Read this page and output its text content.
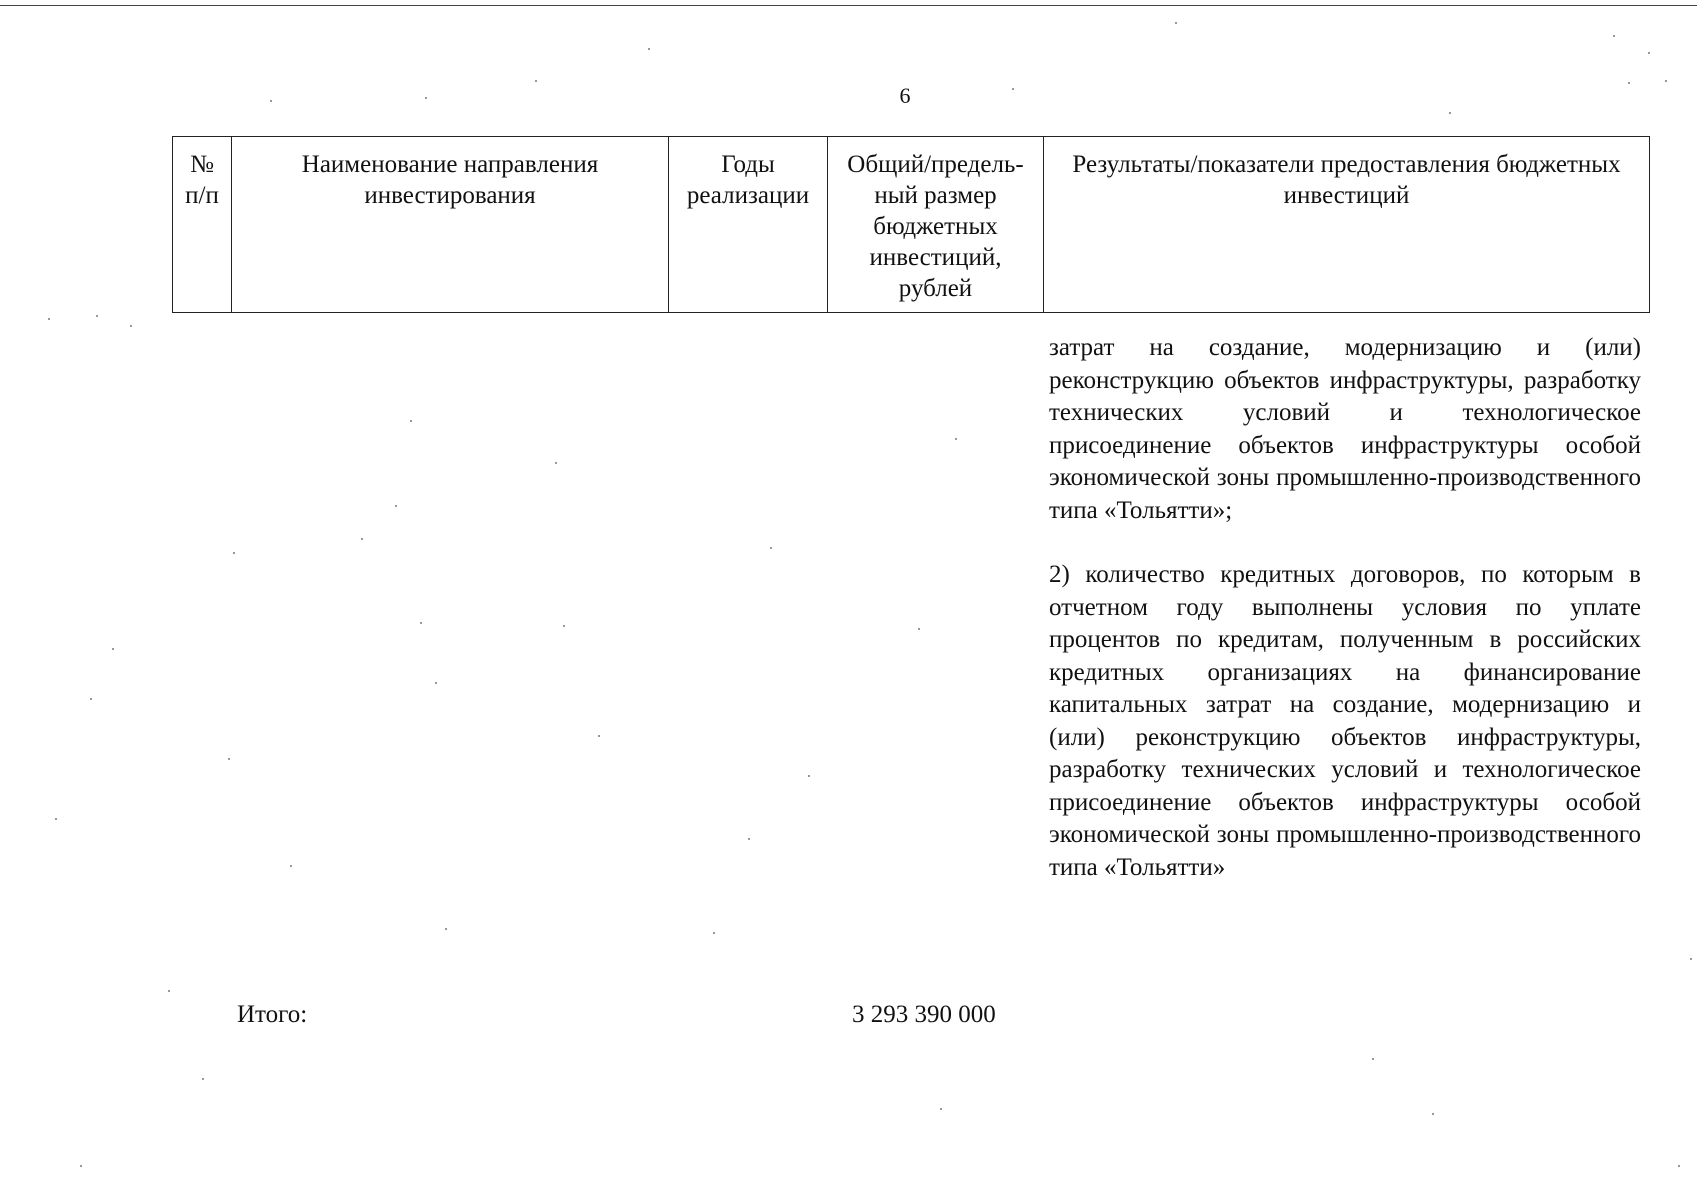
6
№ п/п	Наименование направления инвестирования	Годы реализации	Общий/предель-ный размер бюджетных инвестиций, рублей	Результаты/показатели предоставления бюджетных инвестиций

затрат на создание, модернизацию и (или) реконструкцию объектов инфраструктуры, разработку технических условий и технологическое присоединение объектов инфраструктуры особой экономической зоны промышленно-производственного типа «Тольятти»;

2) количество кредитных договоров, по которым в отчетном году выполнены условия по уплате процентов по кредитам, полученным в российских кредитных организациях на финансирование капитальных затрат на создание, модернизацию и (или) реконструкцию объектов инфраструктуры, разработку технических условий и технологическое присоединение объектов инфраструктуры особой экономической зоны промышленно-производственного типа «Тольятти»

Итого:	3 293 390 000
